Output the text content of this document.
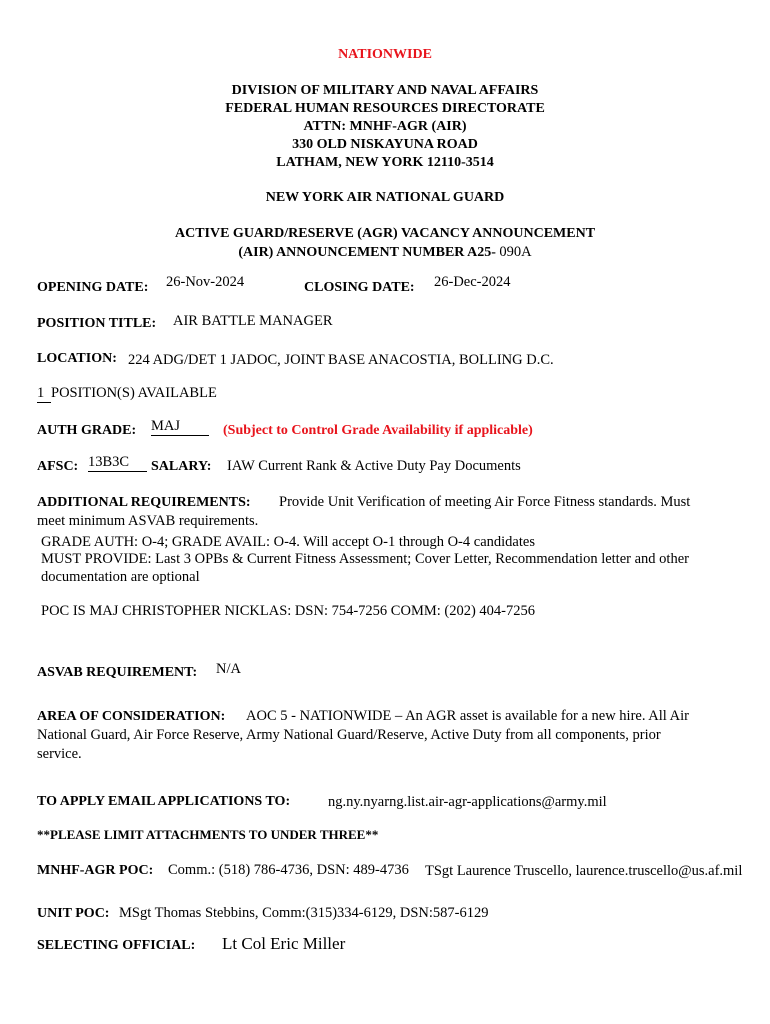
NATIONWIDE
DIVISION OF MILITARY AND NAVAL AFFAIRS
FEDERAL HUMAN RESOURCES DIRECTORATE
ATTN: MNHF-AGR (AIR)
330 OLD NISKAYUNA ROAD
LATHAM, NEW YORK 12110-3514
NEW YORK AIR NATIONAL GUARD
ACTIVE GUARD/RESERVE (AGR) VACANCY ANNOUNCEMENT
(AIR) ANNOUNCEMENT NUMBER A25- 090A
OPENING DATE: 26-Nov-2024	CLOSING DATE: 26-Dec-2024
POSITION TITLE: AIR BATTLE MANAGER
LOCATION: 224 ADG/DET 1 JADOC, JOINT BASE ANACOSTIA, BOLLING D.C.
1 POSITION(S) AVAILABLE
AUTH GRADE: MAJ	(Subject to Control Grade Availability if applicable)
AFSC: 13B3C	SALARY: IAW Current Rank & Active Duty Pay Documents
ADDITIONAL REQUIREMENTS: Provide Unit Verification of meeting Air Force Fitness standards. Must
meet minimum ASVAB requirements.
GRADE AUTH: O-4; GRADE AVAIL: O-4. Will accept O-1 through O-4 candidates
MUST PROVIDE: Last 3 OPBs & Current Fitness Assessment; Cover Letter, Recommendation letter and other
documentation are optional
POC IS MAJ CHRISTOPHER NICKLAS: DSN: 754-7256 COMM: (202) 404-7256
ASVAB REQUIREMENT: N/A
AREA OF CONSIDERATION: AOC 5 - NATIONWIDE – An AGR asset is available for a new hire. All Air
National Guard, Air Force Reserve, Army National Guard/Reserve, Active Duty from all components, prior
service.
TO APPLY EMAIL APPLICATIONS TO:	ng.ny.nyarng.list.air-agr-applications@army.mil
**PLEASE LIMIT ATTACHMENTS TO UNDER THREE**
MNHF-AGR POC: Comm.: (518) 786-4736, DSN: 489-4736 TSgt Laurence Truscello, laurence.truscello@us.af.mil
UNIT POC: MSgt Thomas Stebbins, Comm:(315)334-6129, DSN:587-6129
SELECTING OFFICIAL: Lt Col Eric Miller
